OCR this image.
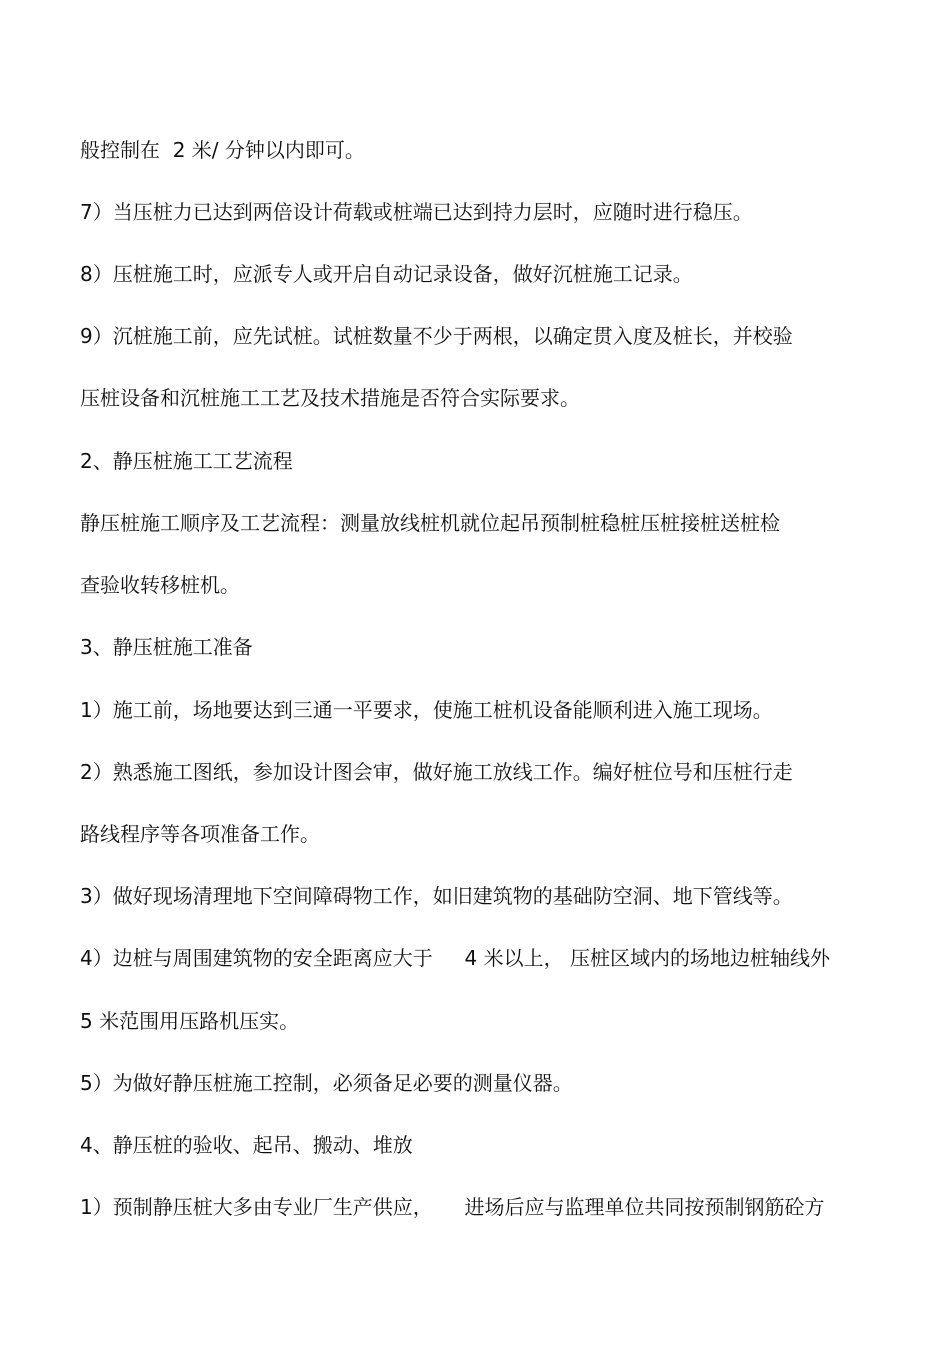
般控制在  2 米/ 分钟以内即可。
7）当压桩力已达到两倍设计荷载或桩端已达到持力层时，应随时进行稳压。
8）压桩施工时，应派专人或开启自动记录设备，做好沉桩施工记录。
9）沉桩施工前，应先试桩。试桩数量不少于两根，以确定贯入度及桩长，并校验
压桩设备和沉桩施工工艺及技术措施是否符合实际要求。
2、静压桩施工工艺流程
静压桩施工顺序及工艺流程：测量放线桩机就位起吊预制桩稳桩压桩接桩送桩检
查验收转移桩机。
3、静压桩施工准备
1）施工前，场地要达到三通一平要求，使施工桩机设备能顺利进入施工现场。
2）熟悉施工图纸，参加设计图会审，做好施工放线工作。编好桩位号和压桩行走
路线程序等各项准备工作。
3）做好现场清理地下空间障碍物工作，如旧建筑物的基础防空洞、地下管线等。
4）边桩与周围建筑物的安全距离应大于     4 米以上， 压桩区域内的场地边桩轴线外
5 米范围用压路机压实。
5）为做好静压桩施工控制，必须备足必要的测量仪器。
4、静压桩的验收、起吊、搬动、堆放
1）预制静压桩大多由专业厂生产供应，     进场后应与监理单位共同按预制钢筋砼方
